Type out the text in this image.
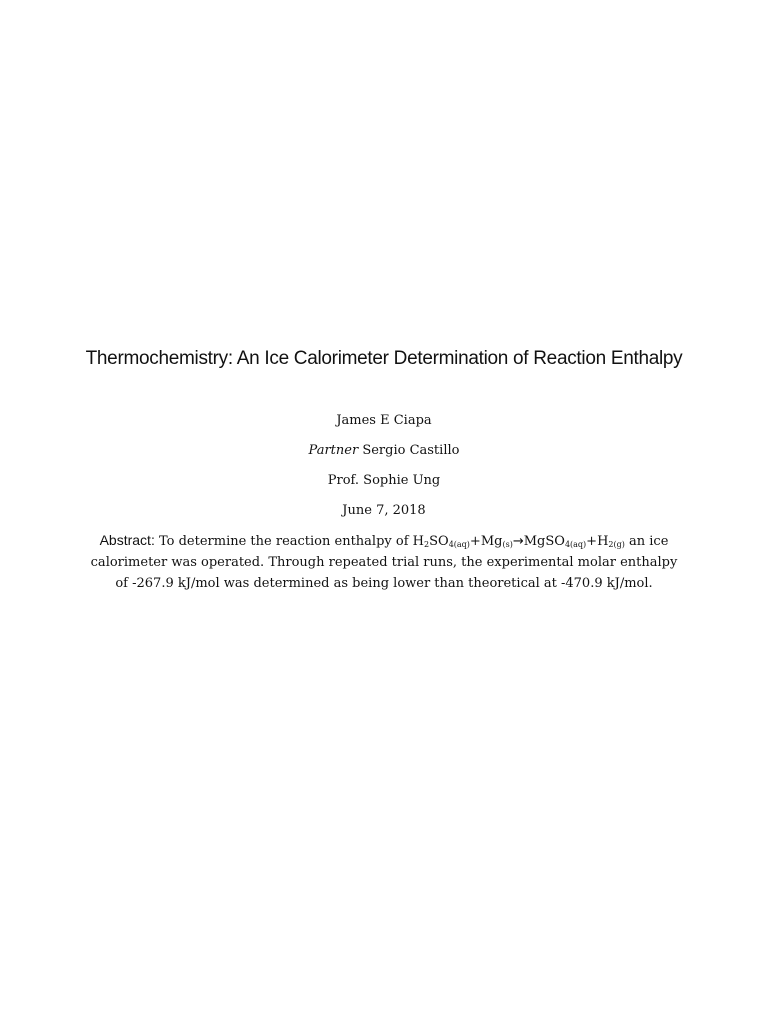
Thermochemistry: An Ice Calorimeter Determination of Reaction Enthalpy
James E Ciapa
Partner Sergio Castillo
Prof. Sophie Ung
June 7, 2018
Abstract: To determine the reaction enthalpy of $H_2SO_{4(aq)}+Mg_{(s)}\to MgSO_{4(aq)}+H_{2(g)}$ an ice calorimeter was operated. Through repeated trial runs, the experimental molar enthalpy of -267.9 kJ/mol was determined as being lower than theoretical at -470.9 kJ/mol.
